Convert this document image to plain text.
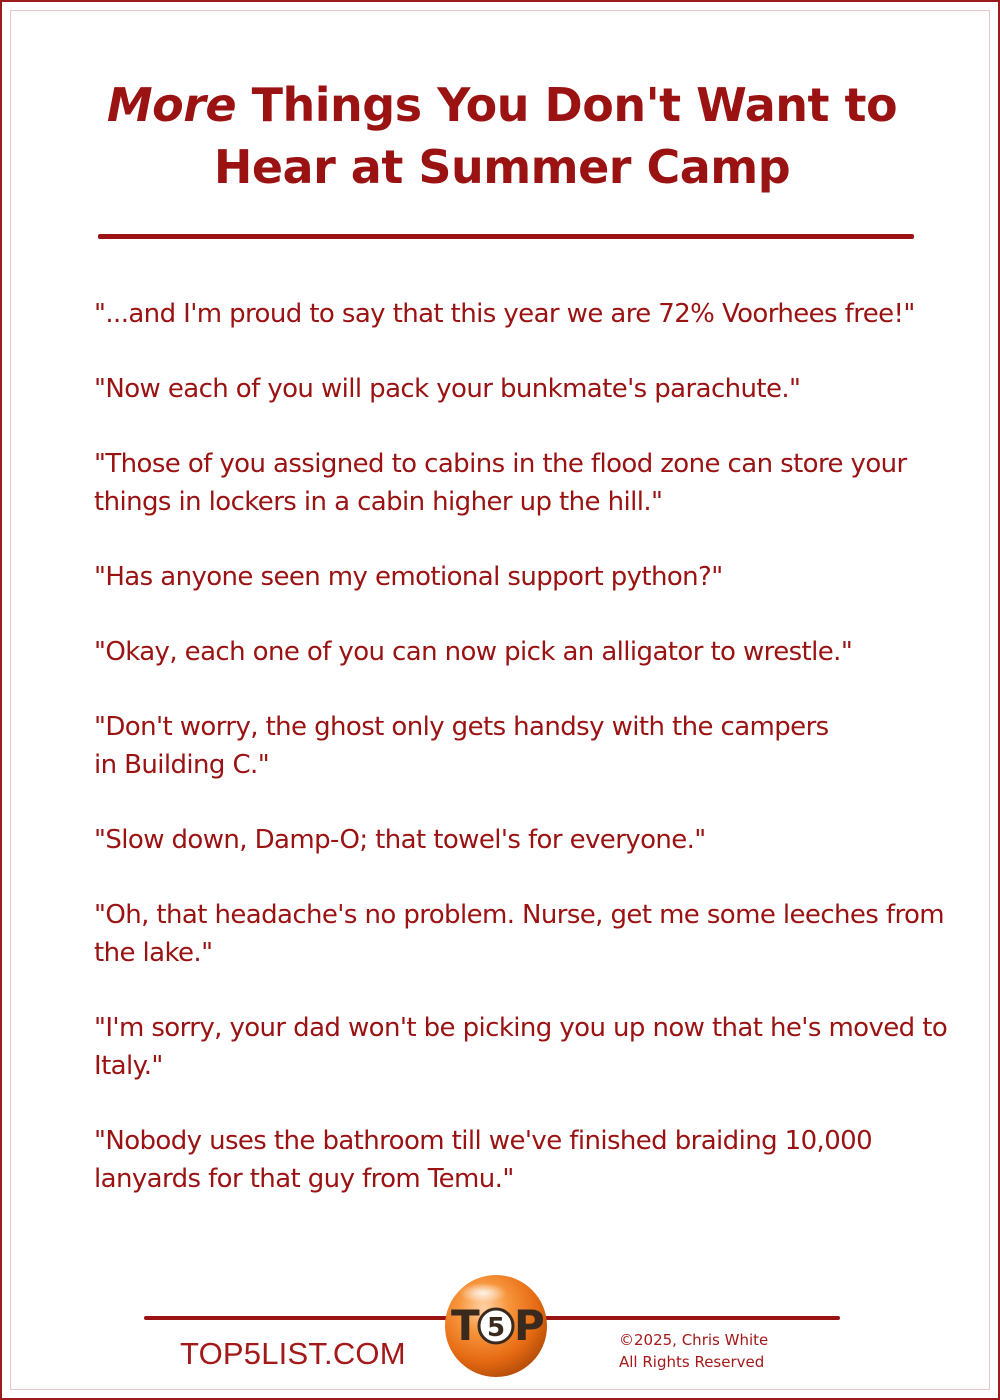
More Things You Don't Want to Hear at Summer Camp
"...and I'm proud to say that this year we are 72% Voorhees free!"
"Now each of you will pack your bunkmate's parachute."
"Those of you assigned to cabins in the flood zone can store your things in lockers in a cabin higher up the hill."
"Has anyone seen my emotional support python?"
"Okay, each one of you can now pick an alligator to wrestle."
"Don't worry, the ghost only gets handsy with the campers
in Building C."
"Slow down, Damp-O; that towel's for everyone."
"Oh, that headache's no problem. Nurse, get me some leeches from the lake."
"I'm sorry, your dad won't be picking you up now that he's moved to Italy."
"Nobody uses the bathroom till we've finished braiding 10,000 lanyards for that guy from Temu."
TOP5LIST.COM
T 5 P	©2025, Chris White
All Rights Reserved
